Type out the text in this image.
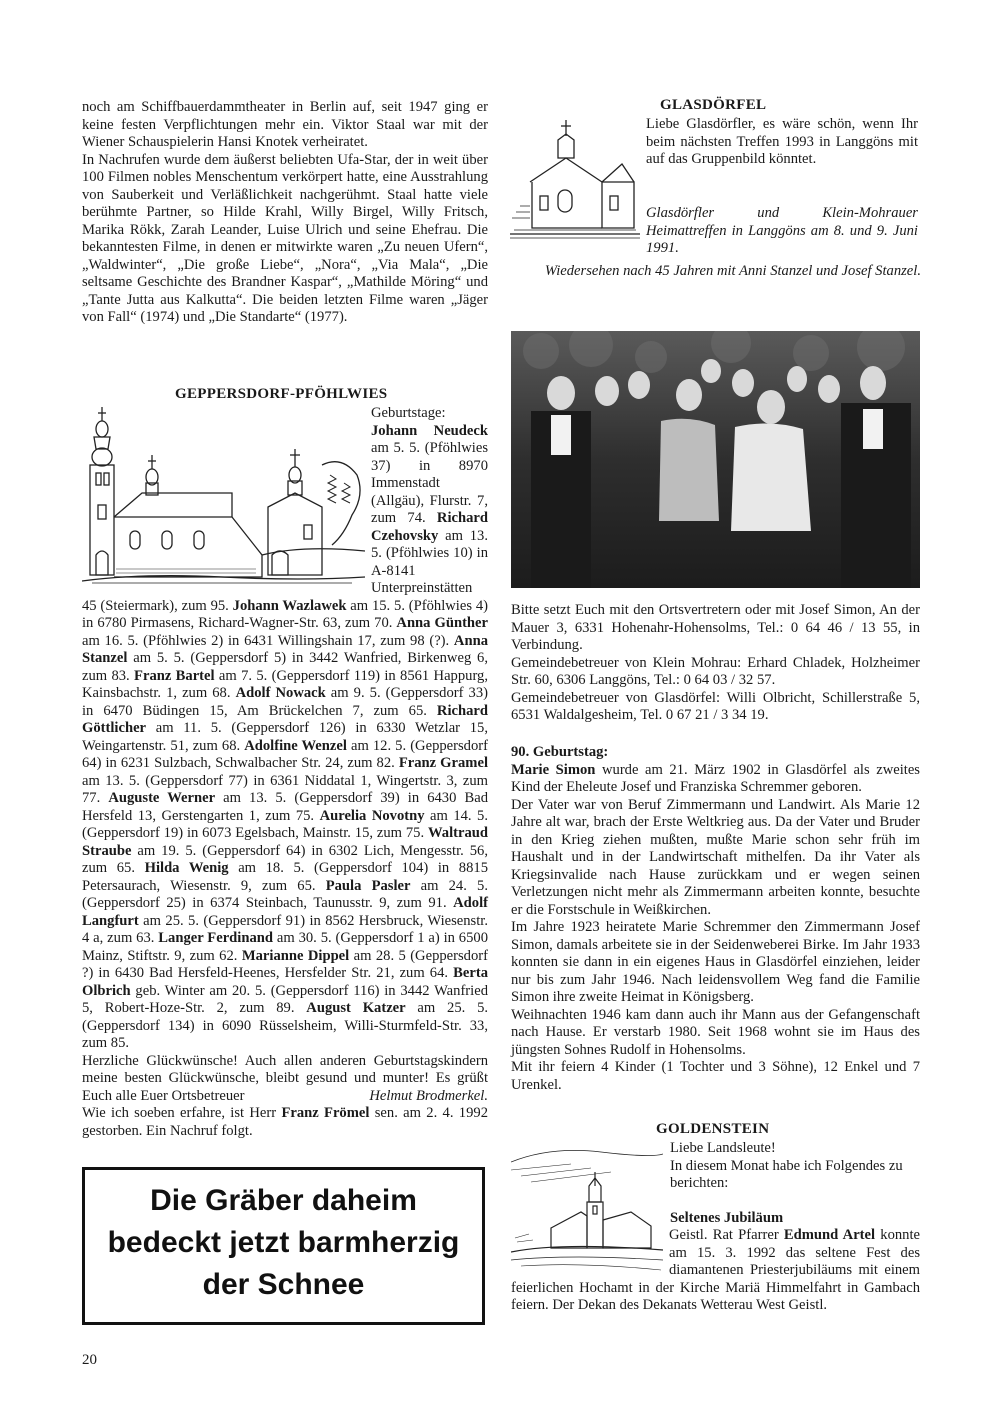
noch am Schiffbauerdammtheater in Berlin auf, seit 1947 ging er keine festen Verpflichtungen mehr ein. Viktor Staal war mit der Wiener Schauspielerin Hansi Knotek verheiratet.

In Nachrufen wurde dem äußerst beliebten Ufa-Star, der in weit über 100 Filmen nobles Menschentum verkörpert hatte, eine Ausstrahlung von Sauberkeit und Verläßlichkeit nachgerühmt. Staal hatte viele berühmte Partner, so Hilde Krahl, Willy Birgel, Willy Fritsch, Marika Rökk, Zarah Leander, Luise Ulrich und seine Ehefrau. Die bekanntesten Filme, in denen er mitwirkte waren „Zu neuen Ufern“, „Waldwinter“, „Die große Liebe“, „Nora“, „Via Mala“, „Die seltsame Geschichte des Brandner Kaspar“, „Mathilde Möring“ und „Tante Jutta aus Kalkutta“. Die beiden letzten Filme waren „Jäger von Fall“ (1974) und „Die Standarte“ (1977).

GEPPERSDORF-PFÖHLWIES

Geburtstage:

Johann Neudeck am 5. 5. (Pföhlwies 37) in 8970 Immenstadt (Allgäu), Flurstr. 7, zum 74. Richard Czehovsky am 13. 5. (Pföhlwies 10) in A-8141 Unterpreinstätten 45 (Steiermark), zum 95. Johann Wazlawek am 15. 5. (Pföhlwies 4) in 6780 Pirmasens, Richard-Wagner-Str. 63, zum 70. Anna Günther am 16. 5. (Pföhlwies 2) in 6431 Willingshain 17, zum 98 (?). Anna Stanzel am 5. 5. (Geppersdorf 5) in 3442 Wanfried, Birkenweg 6, zum 83. Franz Bartel am 7. 5. (Geppersdorf 119) in 8561 Happurg, Kainsbachstr. 1, zum 68. Adolf Nowack am 9. 5. (Geppersdorf 33) in 6470 Büdingen 15, Am Brückelchen 7, zum 65. Richard Göttlicher am 11. 5. (Geppersdorf 126) in 6330 Wetzlar 15, Weingartenstr. 51, zum 68. Adolfine Wenzel am 12. 5. (Geppersdorf 64) in 6231 Sulzbach, Schwalbacher Str. 24, zum 82. Franz Gramel am 13. 5. (Geppersdorf 77) in 6361 Niddatal 1, Wingertstr. 3, zum 77. Auguste Werner am 13. 5. (Geppersdorf 39) in 6430 Bad Hersfeld 13, Gerstengarten 1, zum 75. Aurelia Novotny am 14. 5. (Geppersdorf 19) in 6073 Egelsbach, Mainstr. 15, zum 75. Waltraud Straube am 19. 5. (Geppersdorf 64) in 6302 Lich, Mengesstr. 56, zum 65. Hilda Wenig am 18. 5. (Geppersdorf 104) in 8815 Petersaurach, Wiesenstr. 9, zum 65. Paula Pasler am 24. 5. (Geppersdorf 25) in 6374 Steinbach, Taunusstr. 9, zum 91. Adolf Langfurt am 25. 5. (Geppersdorf 91) in 8562 Hersbruck, Wiesenstr. 4 a, zum 63. Langer Ferdinand am 30. 5. (Geppersdorf 1 a) in 6500 Mainz, Stiftstr. 9, zum 62. Marianne Dippel am 28. 5 (Geppersdorf ?) in 6430 Bad Hersfeld-Heenes, Hersfelder Str. 21, zum 64. Berta Olbrich geb. Winter am 20. 5. (Geppersdorf 116) in 3442 Wanfried 5, Robert-Hoze-Str. 2, zum 89. August Katzer am 25. 5. (Geppersdorf 134) in 6090 Rüsselsheim, Willi-Sturmfeld-Str. 33, zum 85.

Herzliche Glückwünsche! Auch allen anderen Geburtstagskindern meine besten Glückwünsche, bleibt gesund und munter! Es grüßt Euch alle Euer Ortsbetreuer	Helmut Brodmerkel.

Wie ich soeben erfahre, ist Herr Franz Frömel sen. am 2. 4. 1992 gestorben. Ein Nachruf folgt.

Die Gräber daheim
bedeckt jetzt barmherzig
der Schnee
20
GLASDÖRFEL
Liebe Glasdörfler, es wäre schön, wenn Ihr beim nächsten Treffen 1993 in Langgöns mit auf das Gruppenbild könntet.
Glasdörfler und Klein-Mohrauer Heimattreffen in Langgöns am 8. und 9. Juni 1991.
Wiedersehen nach 45 Jahren mit Anni Stanzel und Josef Stanzel.

Bitte setzt Euch mit den Ortsvertretern oder mit Josef Simon, An der Mauer 3, 6331 Hohenahr-Hohensolms, Tel.: 0 64 46 / 13 55, in Verbindung.

Gemeindebetreuer von Klein Mohrau: Erhard Chladek, Holzheimer Str. 60, 6306 Langgöns, Tel.: 0 64 03 / 32 57.

Gemeindebetreuer von Glasdörfel: Willi Olbricht, Schillerstraße 5, 6531 Waldalgesheim, Tel. 0 67 21 / 3 34 19.

90. Geburtstag:

Marie Simon wurde am 21. März 1902 in Glasdörfel als zweites Kind der Eheleute Josef und Franziska Schremmer geboren.

Der Vater war von Beruf Zimmermann und Landwirt. Als Marie 12 Jahre alt war, brach der Erste Weltkrieg aus. Da der Vater und Bruder in den Krieg ziehen mußten, mußte Marie schon sehr früh im Haushalt und in der Landwirtschaft mithelfen. Da ihr Vater als Kriegsinvalide nach Hause zurückkam und er wegen seinen Verletzungen nicht mehr als Zimmermann arbeiten konnte, besuchte er die Forstschule in Weißkirchen.

Im Jahre 1923 heiratete Marie Schremmer den Zimmermann Josef Simon, damals arbeitete sie in der Seidenweberei Birke. Im Jahr 1933 konnten sie dann in ein eigenes Haus in Glasdörfel einziehen, leider nur bis zum Jahr 1946. Nach leidensvollem Weg fand die Familie Simon ihre zweite Heimat in Königsberg.

Weihnachten 1946 kam dann auch ihr Mann aus der Gefangenschaft nach Hause. Er verstarb 1980. Seit 1968 wohnt sie im Haus des jüngsten Sohnes Rudolf in Hohensolms.

Mit ihr feiern 4 Kinder (1 Tochter und 3 Söhne), 12 Enkel und 7 Urenkel.

GOLDENSTEIN

Liebe Landsleute!

In diesem Monat habe ich Folgendes zu berichten:

Seltenes Jubiläum

Geistl. Rat Pfarrer Edmund Artel konnte am 15. 3. 1992 das seltene Fest des diamantenen Priesterjubiläums mit einem feierlichen Hochamt in der Kirche Mariä Himmelfahrt in Gambach feiern. Der Dekan des Dekanats Wetterau West Geistl.
